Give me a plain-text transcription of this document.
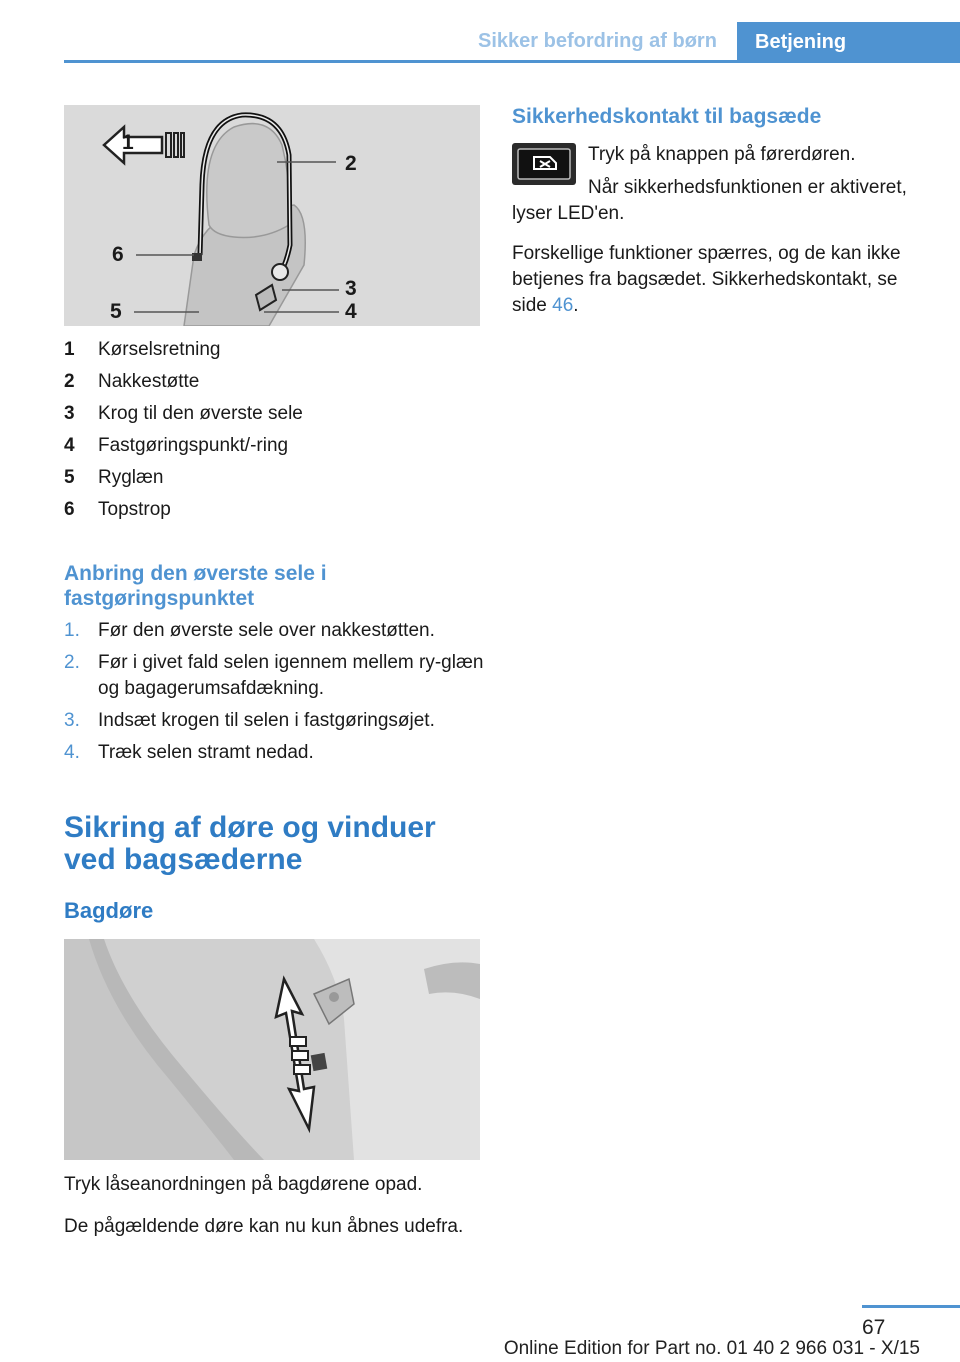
Sikker befordring af børn	Betjening
1
2
6
3
4
5
1	Kørselsretning
2	Nakkestøtte
3	Krog til den øverste sele
4	Fastgøringspunkt/-ring
5	Ryglæn
6	Topstrop
Anbring den øverste sele i fastgøringspunktet
1. Før den øverste sele over nakkestøtten.
2. Før i givet fald selen igennem mellem ry-glæn og bagagerumsafdækning.
3. Indsæt krogen til selen i fastgøringsøjet.
4. Træk selen stramt nedad.
Sikring af døre og vinduer ved bagsæderne
Bagdøre
Tryk låseanordningen på bagdørene opad.
De pågældende døre kan nu kun åbnes udefra.
Sikkerhedskontakt til bagsæde
Tryk på knappen på førerdøren.
Når sikkerhedsfunktionen er aktiveret, lyser LED'en.
Forskellige funktioner spærres, og de kan ikke betjenes fra bagsædet. Sikkerhedskontakt, se side 46.
67
Online Edition for Part no. 01 40 2 966 031 - X/15
